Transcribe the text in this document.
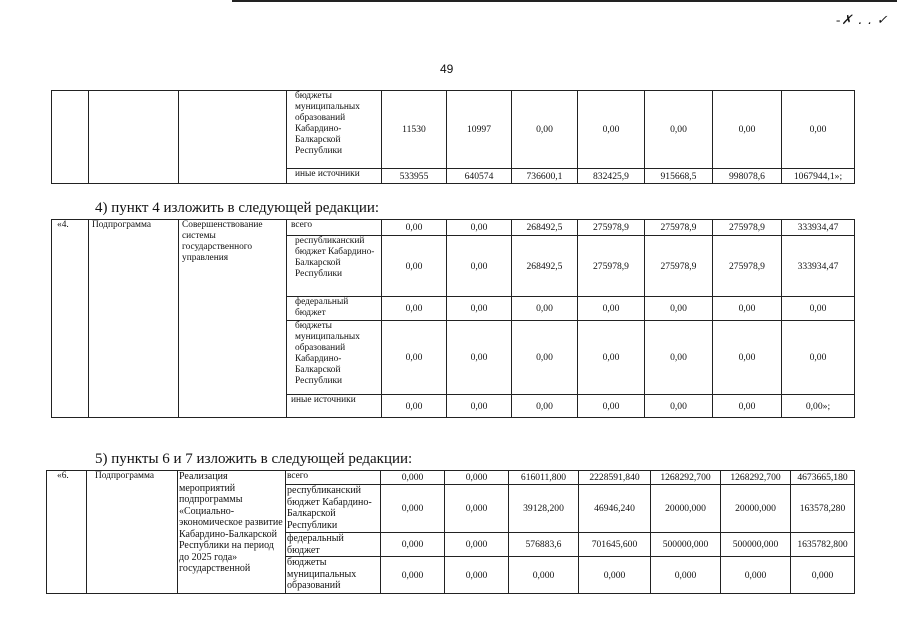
-✗ ․ ․ ✓
49
			бюджеты муниципальных образований Кабардино-Балкарской Республики	11530	10997	0,00	0,00	0,00	0,00	0,00
			иные источники	533955	640574	736600,1	832425,9	915668,5	998078,6	1067944,1»;
4) пункт 4 изложить в следующей редакции:
«4.	Подпрограмма	Совершенствование системы государственного управления	всего	0,00	0,00	268492,5	275978,9	275978,9	275978,9	333934,47
			республиканский бюджет Кабардино-Балкарской Республики	0,00	0,00	268492,5	275978,9	275978,9	275978,9	333934,47
			федеральный бюджет	0,00	0,00	0,00	0,00	0,00	0,00	0,00
			бюджеты муниципальных образований Кабардино-Балкарской Республики	0,00	0,00	0,00	0,00	0,00	0,00	0,00
			иные источники	0,00	0,00	0,00	0,00	0,00	0,00	0,00»;
5) пункты 6 и 7 изложить в следующей редакции:
«6.	Подпрограмма	Реализация мероприятий подпрограммы «Социально-экономическое развитие Кабардино-Балкарской Республики на период до 2025 года» государственной	всего	0,000	0,000	616011,800	2228591,840	1268292,700	1268292,700	4673665,180
			республиканский бюджет Кабардино-Балкарской Республики	0,000	0,000	39128,200	46946,240	20000,000	20000,000	163578,280
			федеральный бюджет	0,000	0,000	576883,6	701645,600	500000,000	500000,000	1635782,800
			бюджеты муниципальных образований	0,000	0,000	0,000	0,000	0,000	0,000	0,000
